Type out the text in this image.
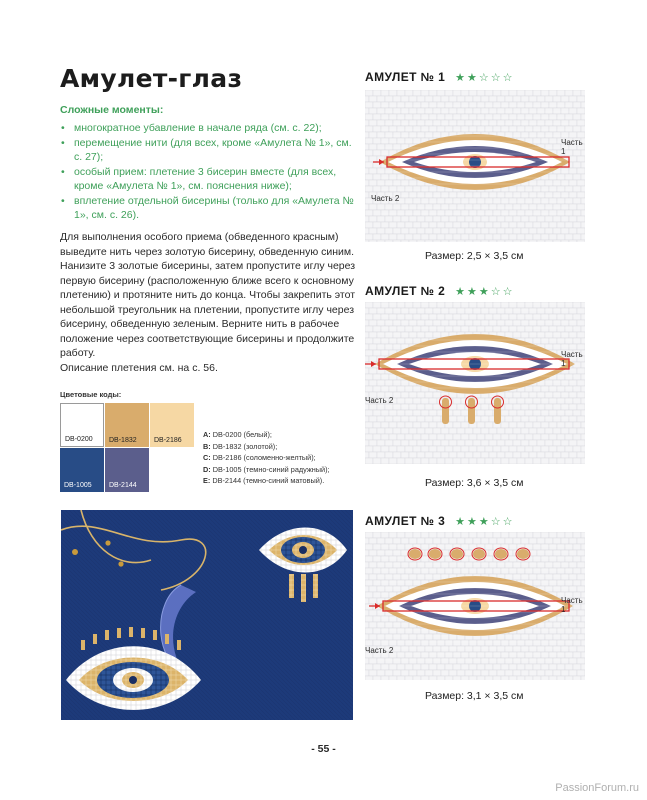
Амулет-глаз
Сложные моменты:
• многократное убавление в начале ряда (см. с. 22);
• перемещение нити (для всех, кроме «Амулета № 1», см. с. 27);
• особый прием: плетение 3 бисерин вместе (для всех, кроме «Амулета № 1», см. пояснения ниже);
• вплетение отдельной бисерины (только для «Амулета № 1», см. с. 26).
Для выполнения особого приема (обведенного красным) выведите нить через золотую бисерину, обведенную синим. Нанизите 3 золотые бисерины, затем пропустите иглу через первую бисерину (расположенную ближе всего к основному плетению) и протяните нить до конца. Чтобы закрепить этот небольшой треугольник на плетении, пропустите иглу через бисерину, обведенную зеленым. Верните нить в рабочее положение через соответствующие бисерины и продолжите работу.
Описание плетения см. на с. 56.
Цветовые коды:
DB-0200 DB-1832 DB-2186
DB-1005 DB-2144
A: DB-0200 (белый);
B: DB-1832 (золотой);
C: DB-2186 (соломенно-желтый);
D: DB-1005 (темно-синий радужный);
E: DB-2144 (темно-синий матовый).
АМУЛЕТ № 1 ★★☆☆☆
Часть 1
Часть 2
Размер: 2,5 × 3,5 см
АМУЛЕТ № 2 ★★★☆☆
Часть 1
Часть 2
Размер: 3,6 × 3,5 см
АМУЛЕТ № 3 ★★★☆☆
Часть 1
Часть 2
Размер: 3,1 × 3,5 см
- 55 -
PassionForum.ru
